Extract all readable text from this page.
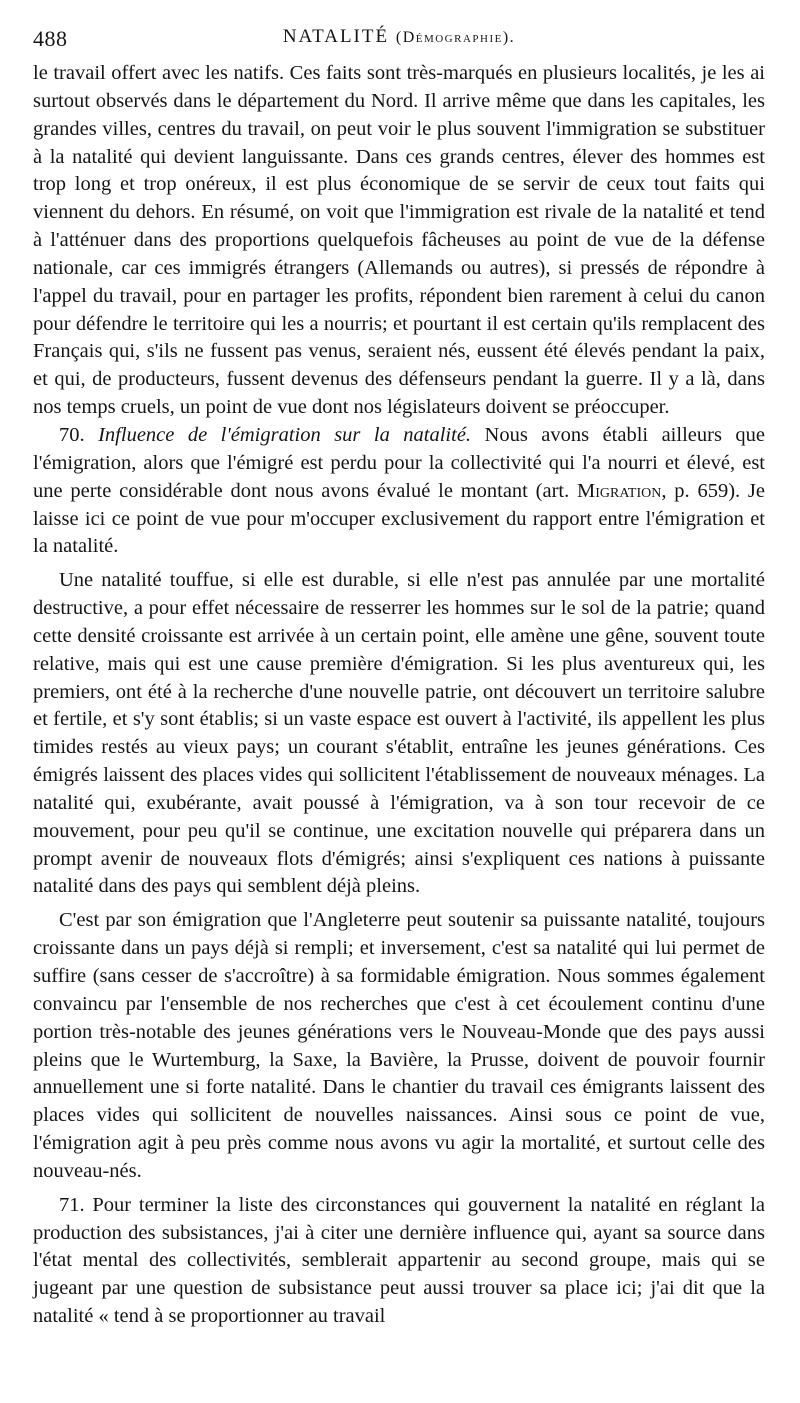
488	NATALITÉ (Démographie).

le travail offert avec les natifs. Ces faits sont très-marqués en plusieurs localités, je les ai surtout observés dans le département du Nord. Il arrive même que dans les capitales, les grandes villes, centres du travail, on peut voir le plus souvent l'immigration se substituer à la natalité qui devient languissante. Dans ces grands centres, élever des hommes est trop long et trop onéreux, il est plus économique de se servir de ceux tout faits qui viennent du dehors. En résumé, on voit que l'immigration est rivale de la natalité et tend à l'atténuer dans des proportions quelquefois fâcheuses au point de vue de la défense nationale, car ces immigrés étrangers (Allemands ou autres), si pressés de répondre à l'appel du travail, pour en partager les profits, répondent bien rarement à celui du canon pour défendre le territoire qui les a nourris; et pourtant il est certain qu'ils remplacent des Français qui, s'ils ne fussent pas venus, seraient nés, eussent été élevés pendant la paix, et qui, de producteurs, fussent devenus des défenseurs pendant la guerre. Il y a là, dans nos temps cruels, un point de vue dont nos législateurs doivent se préoccuper.

70. Influence de l'émigration sur la natalité. Nous avons établi ailleurs que l'émigration, alors que l'émigré est perdu pour la collectivité qui l'a nourri et élevé, est une perte considérable dont nous avons évalué le montant (art. Migration, p. 659). Je laisse ici ce point de vue pour m'occuper exclusivement du rapport entre l'émigration et la natalité.

Une natalité touffue, si elle est durable, si elle n'est pas annulée par une mortalité destructive, a pour effet nécessaire de resserrer les hommes sur le sol de la patrie; quand cette densité croissante est arrivée à un certain point, elle amène une gêne, souvent toute relative, mais qui est une cause première d'émigration. Si les plus aventureux qui, les premiers, ont été à la recherche d'une nouvelle patrie, ont découvert un territoire salubre et fertile, et s'y sont établis; si un vaste espace est ouvert à l'activité, ils appellent les plus timides restés au vieux pays; un courant s'établit, entraîne les jeunes générations. Ces émigrés laissent des places vides qui sollicitent l'établissement de nouveaux ménages. La natalité qui, exubérante, avait poussé à l'émigration, va à son tour recevoir de ce mouvement, pour peu qu'il se continue, une excitation nouvelle qui préparera dans un prompt avenir de nouveaux flots d'émigrés; ainsi s'expliquent ces nations à puissante natalité dans des pays qui semblent déjà pleins.

C'est par son émigration que l'Angleterre peut soutenir sa puissante natalité, toujours croissante dans un pays déjà si rempli; et inversement, c'est sa natalité qui lui permet de suffire (sans cesser de s'accroître) à sa formidable émigration. Nous sommes également convaincu par l'ensemble de nos recherches que c'est à cet écoulement continu d'une portion très-notable des jeunes générations vers le Nouveau-Monde que des pays aussi pleins que le Wurtemburg, la Saxe, la Bavière, la Prusse, doivent de pouvoir fournir annuellement une si forte natalité. Dans le chantier du travail ces émigrants laissent des places vides qui sollicitent de nouvelles naissances. Ainsi sous ce point de vue, l'émigration agit à peu près comme nous avons vu agir la mortalité, et surtout celle des nouveau-nés.

71. Pour terminer la liste des circonstances qui gouvernent la natalité en réglant la production des subsistances, j'ai à citer une dernière influence qui, ayant sa source dans l'état mental des collectivités, semblerait appartenir au second groupe, mais qui se jugeant par une question de subsistance peut aussi trouver sa place ici; j'ai dit que la natalité « tend à se proportionner au travail
